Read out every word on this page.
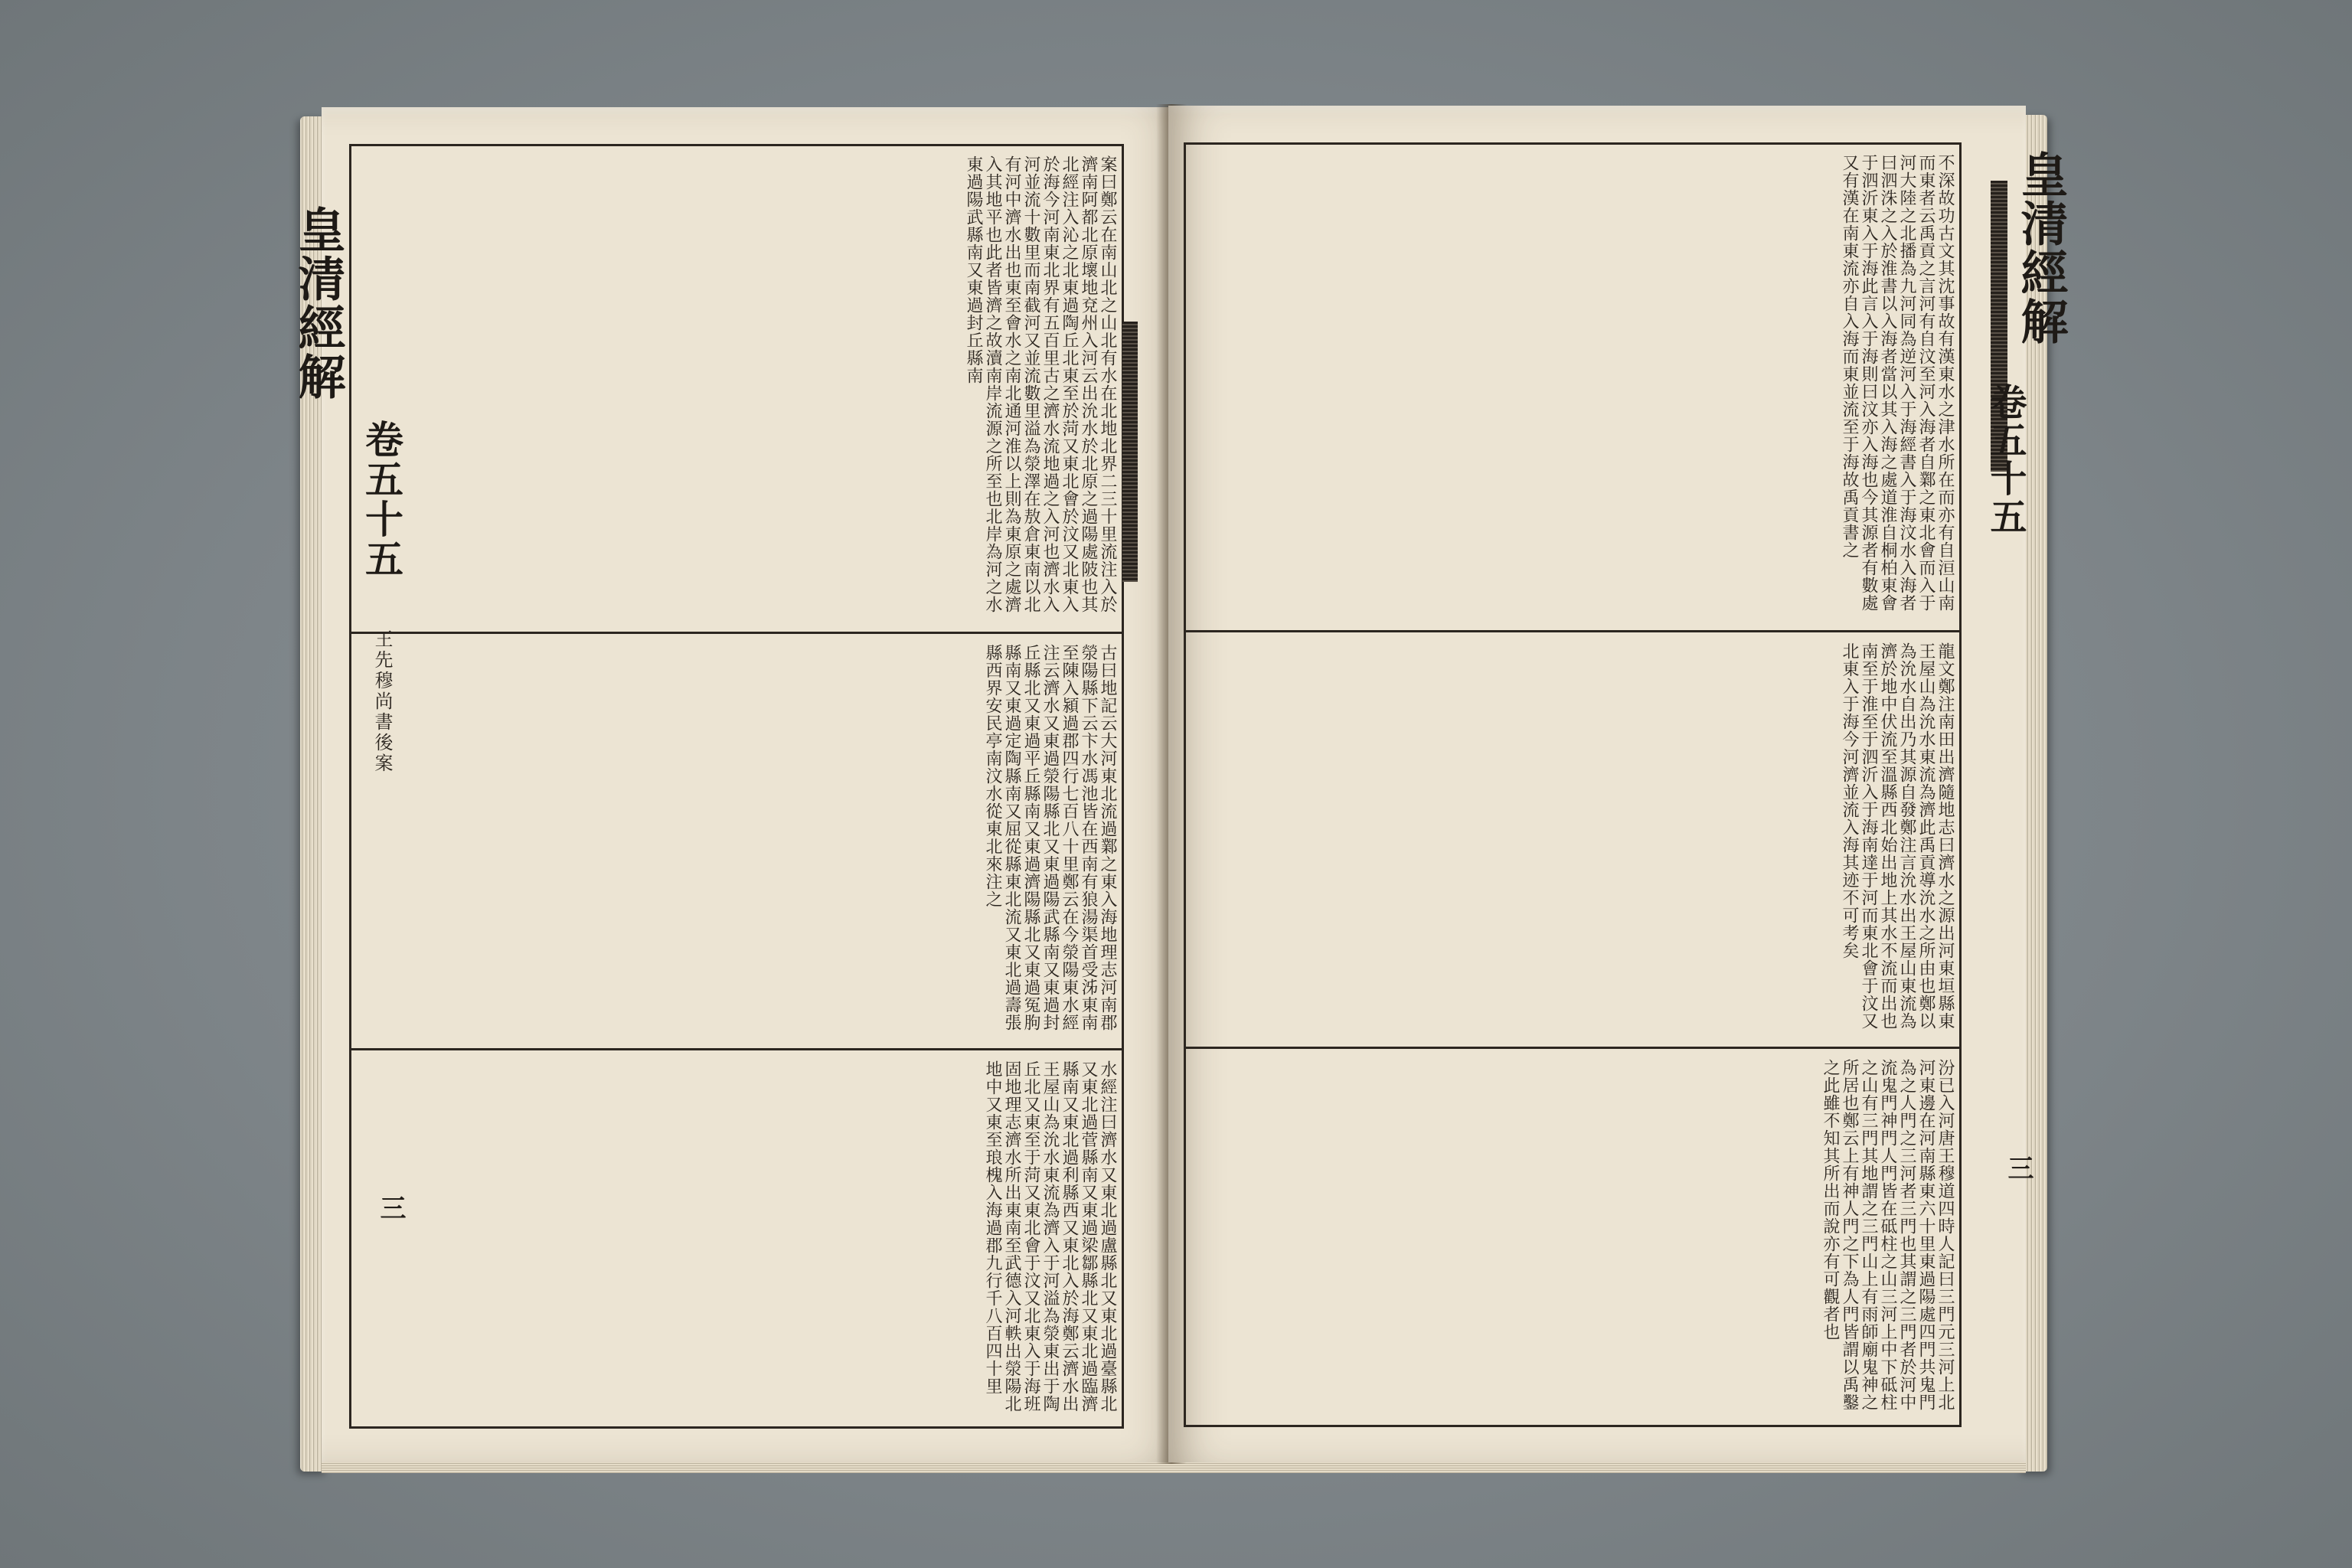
案曰鄭云在南山北之山北有水在北地北界二三十里流注入於濟南阿都北原壞地兗州入河云出沇水於北原之過陽處陂也其北經注入沁之北東過陶丘北東至於菏又東北會於汶又北東入於海今河南東北界有五百里古之濟水流地過之入河也濟水入河並流十數里而南截河又並流數里溢為滎澤在敖倉東南以北有河中濟水出也東至會水之南北通河淮以上則為東原之處濟入其地平也此者皆濟之故瀆南岸流源之所至也北岸為河之水東過陽武縣南又東過封丘縣南
古曰地記云大河東北流過鄴之東入海地理志河南郡滎陽縣下云卞水馮池皆在西南有狼湯渠首受泲東南至陳入潁過郡四行七百八十里鄭云在今滎陽東水經注云濟水又東過滎陽縣北又東過陽武縣南又東過封丘縣北又東過平丘縣南又東過濟陽縣北又東過冤朐縣南又東過定陶縣南又屈從縣東北流又東北過壽張縣西界安民亭南汶水從東北來注之
水經注曰濟水又東北過盧縣北又東北過臺縣北又東北過菅縣南又東過梁鄒縣北又東北過臨濟縣南又東北過利縣西又東北入於海鄭云濟水出王屋山為沇水東流為濟入于河溢為滎東出于陶丘北又東至于菏又東北會于汶又北東入于海班固地理志濟水所出東南至武德入河軼出滎陽北地中又東至琅槐入海過郡九行千八百四十里
皇清經解
卷五十五
王先穆尚書後案
三
不深故功古文其沈事故有漢東水之津水所在而亦有自洹山南而東者云禹貢之言河有自汶至河入海者自鄴之東北會而入于河大陸之北播為九河同為逆河入于海經書入于海汶水入海者曰泗洙之入於淮書以入海者當以其入海之處道淮自桐柏東會于泗沂東入于海此言入于海則曰汶亦入海也今其源者有數處又有漢在南東流亦自入海而東並流至于海故禹貢書之
龍文鄭注南田出濟隨地志曰濟水之源出河東垣縣東王屋山為沇水東流為濟此禹貢導沇水之所由也鄭以為沇水自出乃其源自發鄭注言沇水出王屋山東流為濟於地中伏流至溫縣西北始出地上其水不流而出也南至于淮至于泗沂入于海南達于河而東北會于汶又北東入于海今河濟並流入海其迹不可考矣
汾已入河唐王穆道四時人記曰三門元三河上北河東邊在河南縣東六十里東過陽處四門共鬼門為之人門之三河者三門也其謂之三門者於河中流鬼門神門人門皆在砥柱之山三河上中下砥柱之山有三門其地謂之三門山上有雨師廟鬼神之所居也鄭云上有神人門之下為人門皆謂以禹鑿之此雖不知其所出而說亦有可觀者也
皇清經解
卷五十五
三
